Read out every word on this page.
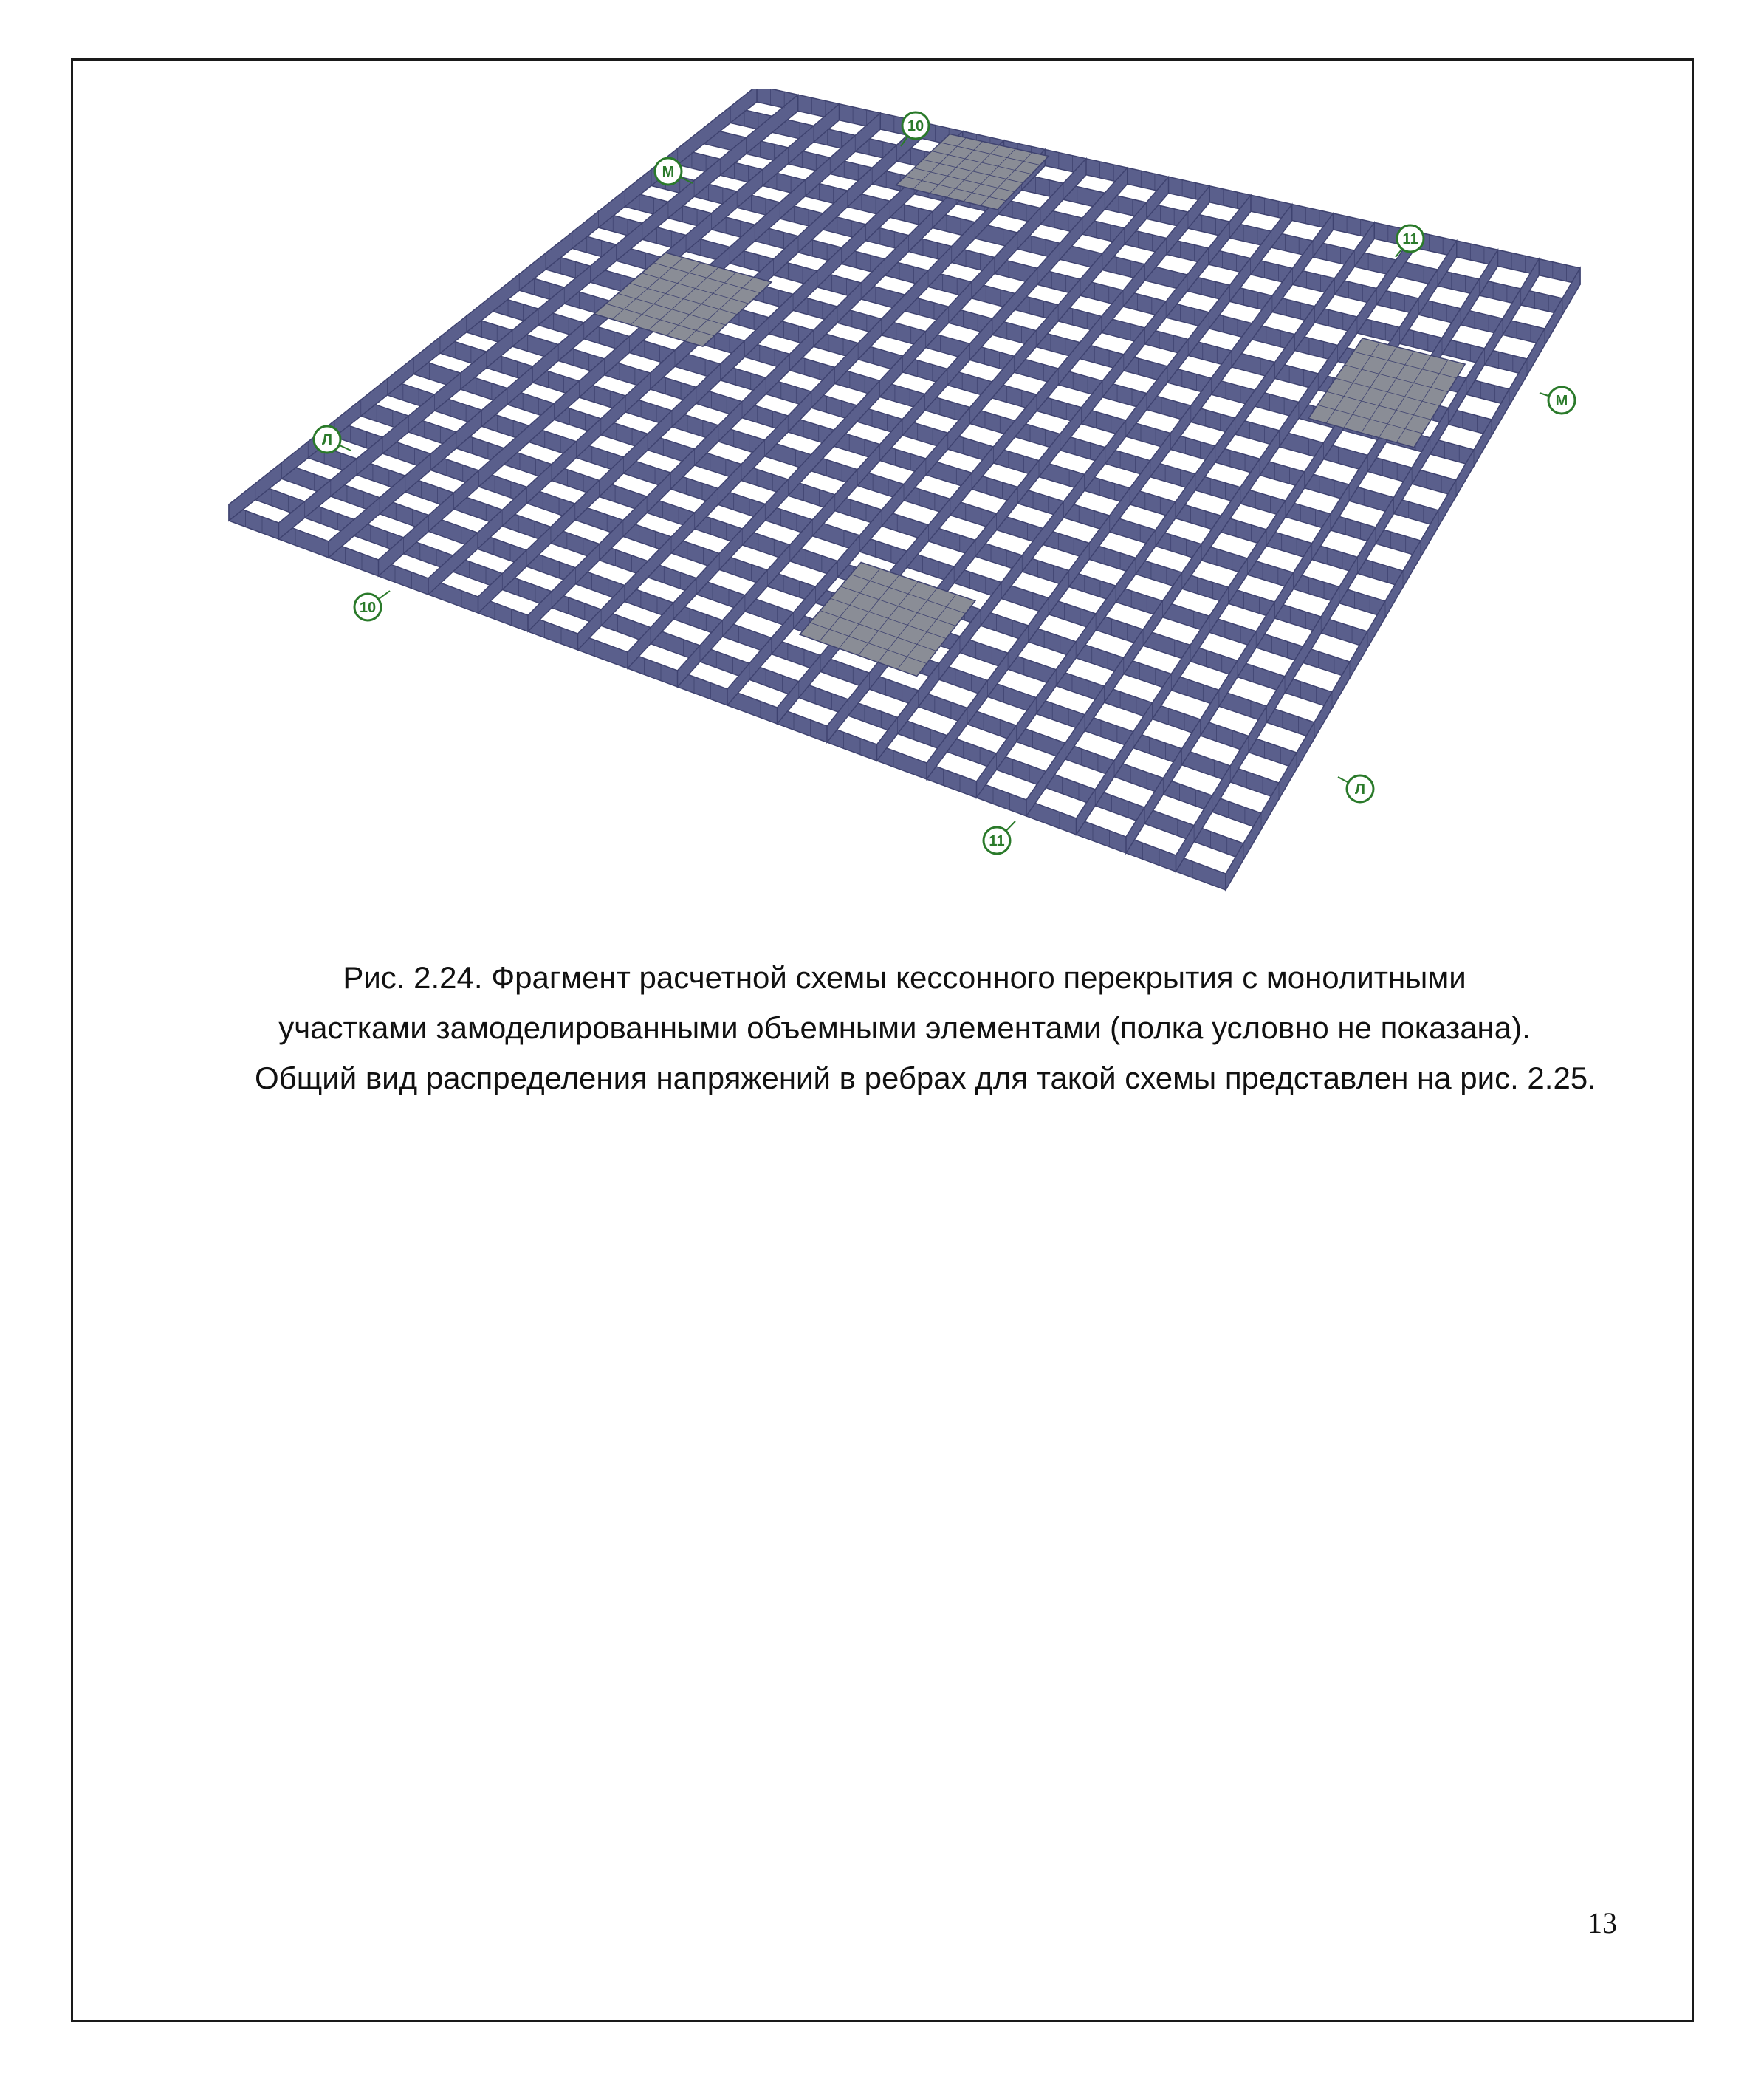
10
М
11
М
Л
10
Л
11
Рис. 2.24. Фрагмент расчетной схемы кессонного перекрытия с монолитными
участками замоделированными объемными элементами (полка условно не показана).
Общий вид распределения напряжений в ребрах для такой схемы представлен на рис. 2.25.
13
